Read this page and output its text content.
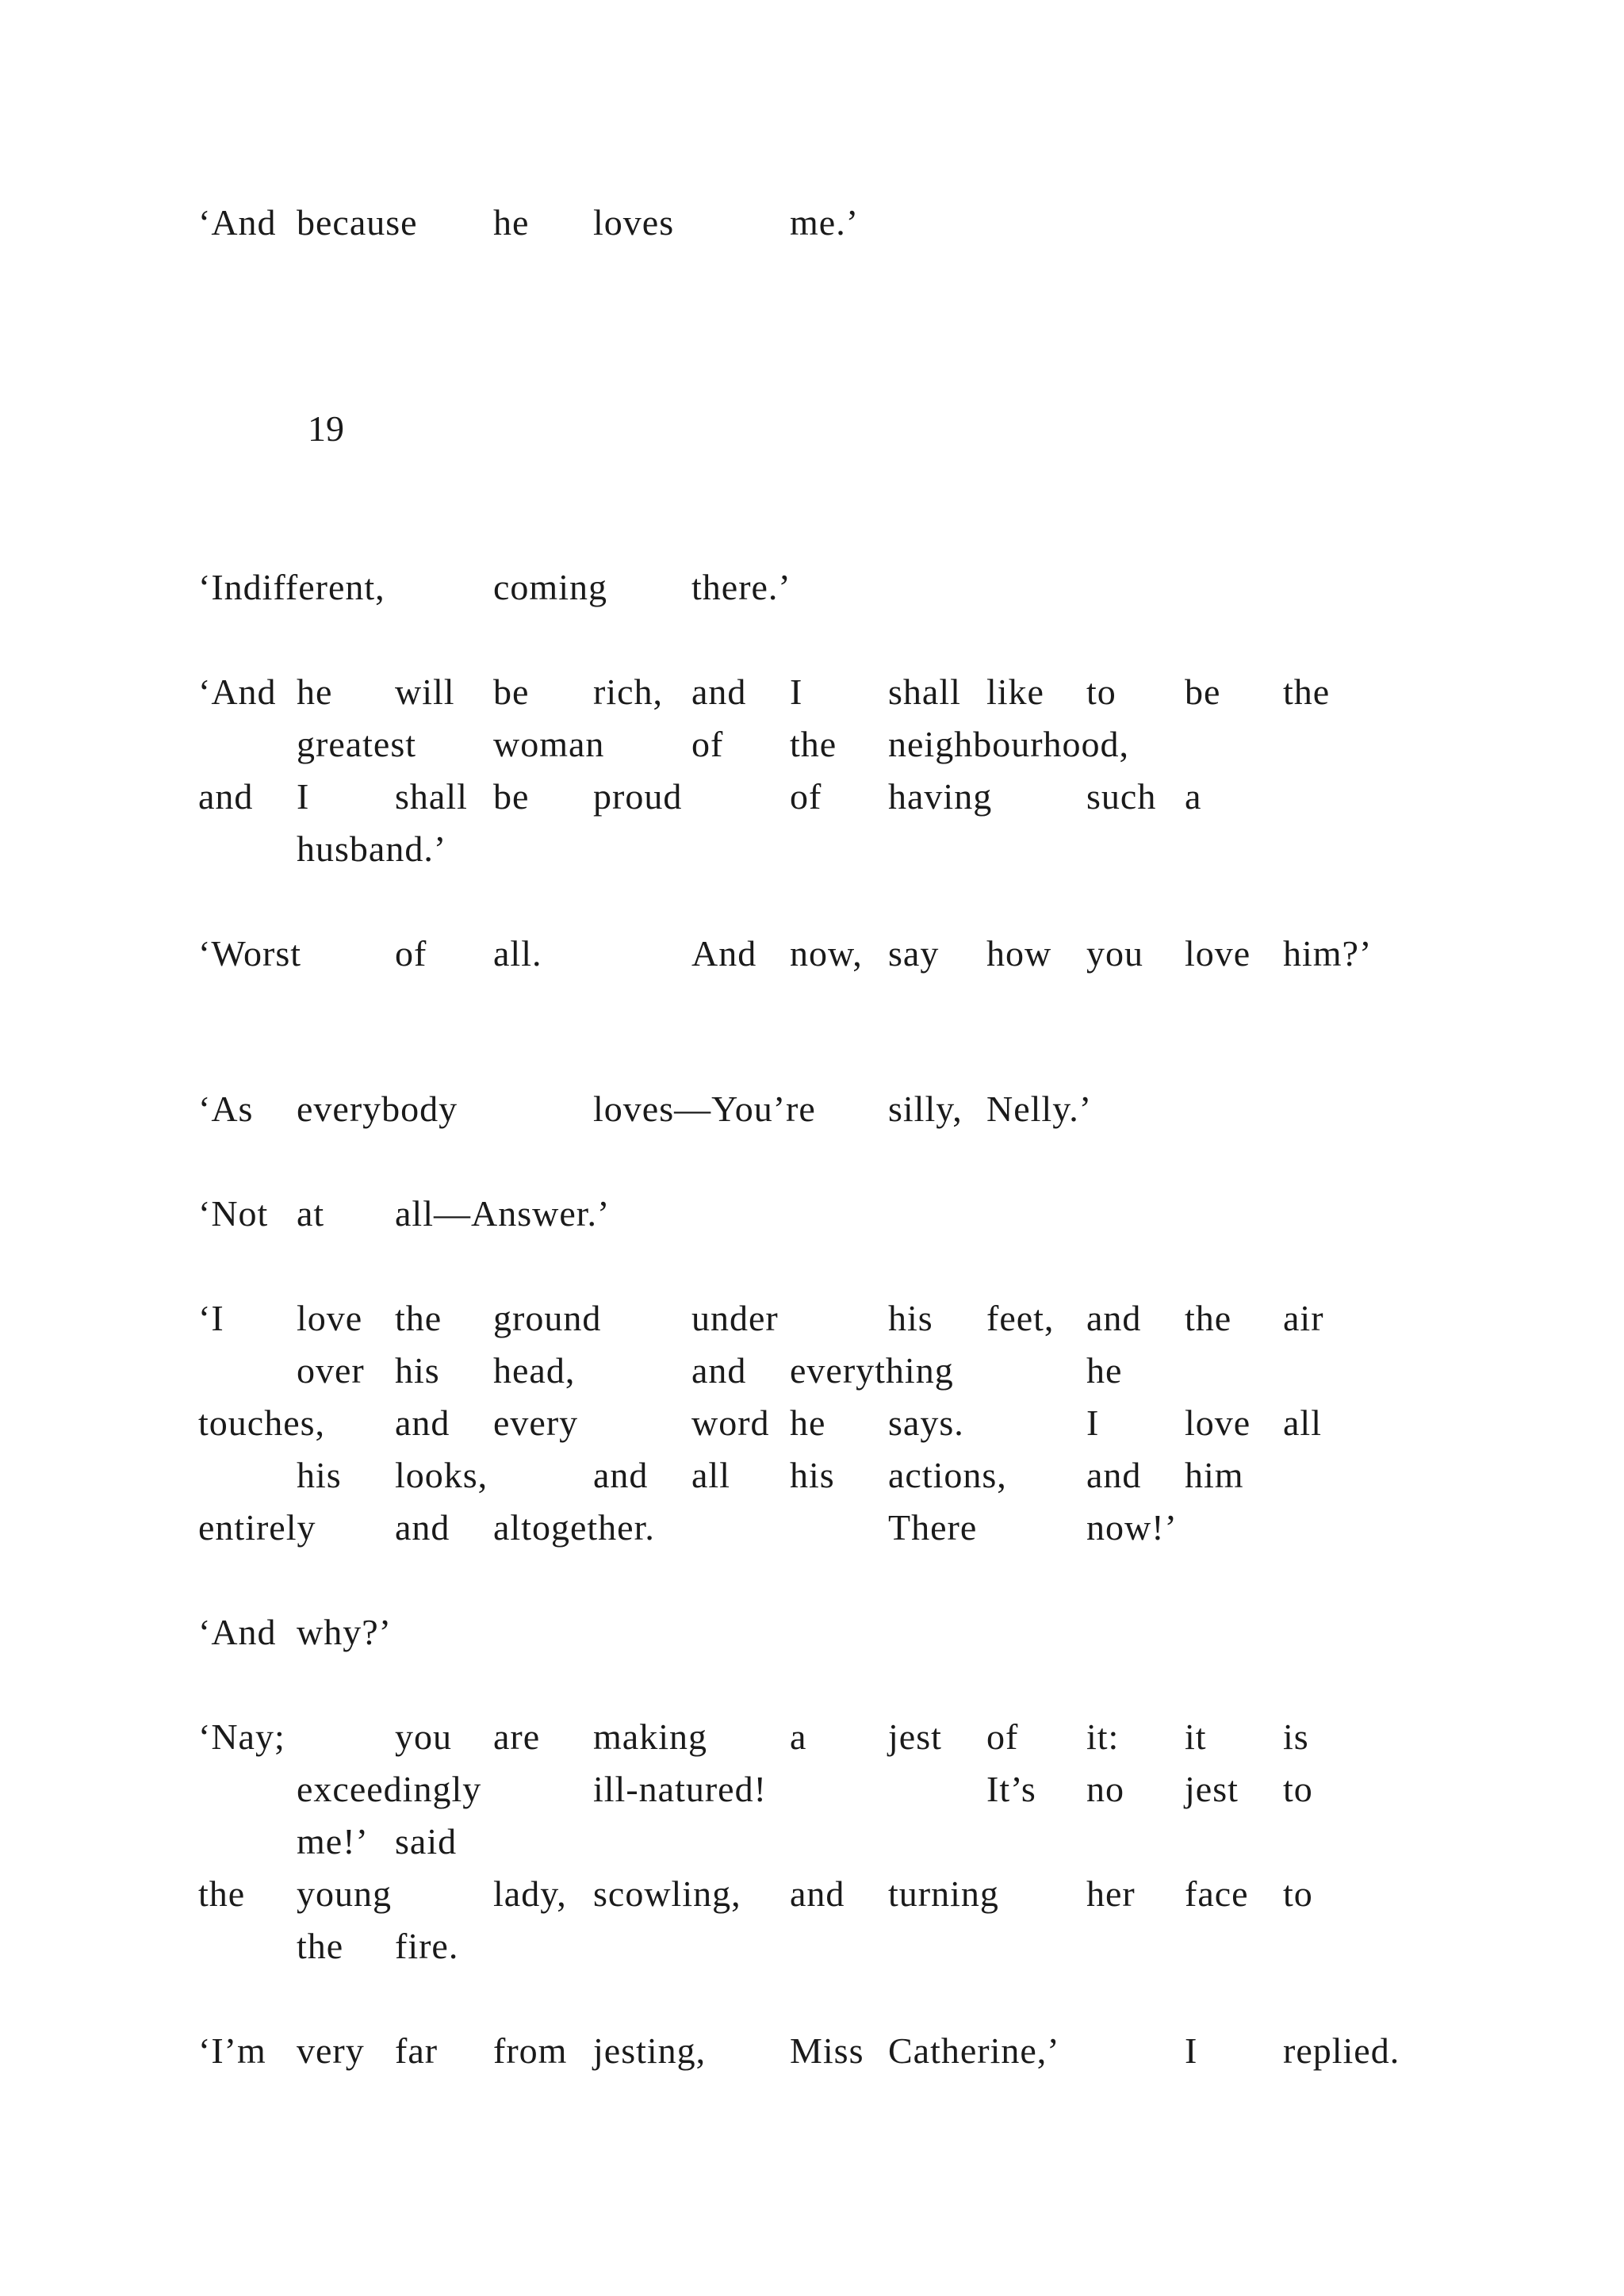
‘And because he loves	me.’
19
‘Indifferent,	coming there.’
‘And he will be rich, and I shall like to be the
greatest woman of the neighbourhood,
and I shall be proud	of having	such a
husband.’
‘Worst	of all.	And now, say how you love him?’
‘As everybody	loves—You’re silly, Nelly.’
‘Not at all—Answer.’
‘I love the ground under	his feet, and the air
over his head,	and everything	he
touches, and every	word he says.	I love all
his looks,	and all his actions, and him
entirely and altogether.	There	now!’
‘And why?’
‘Nay;	you are making a jest of it: it is
exceedingly	ill-natured!	It’s no jest to
me!’ said
the young	lady, scowling, and turning her face to
the fire.
‘I’m very far from jesting, Miss Catherine,’	I replied.
